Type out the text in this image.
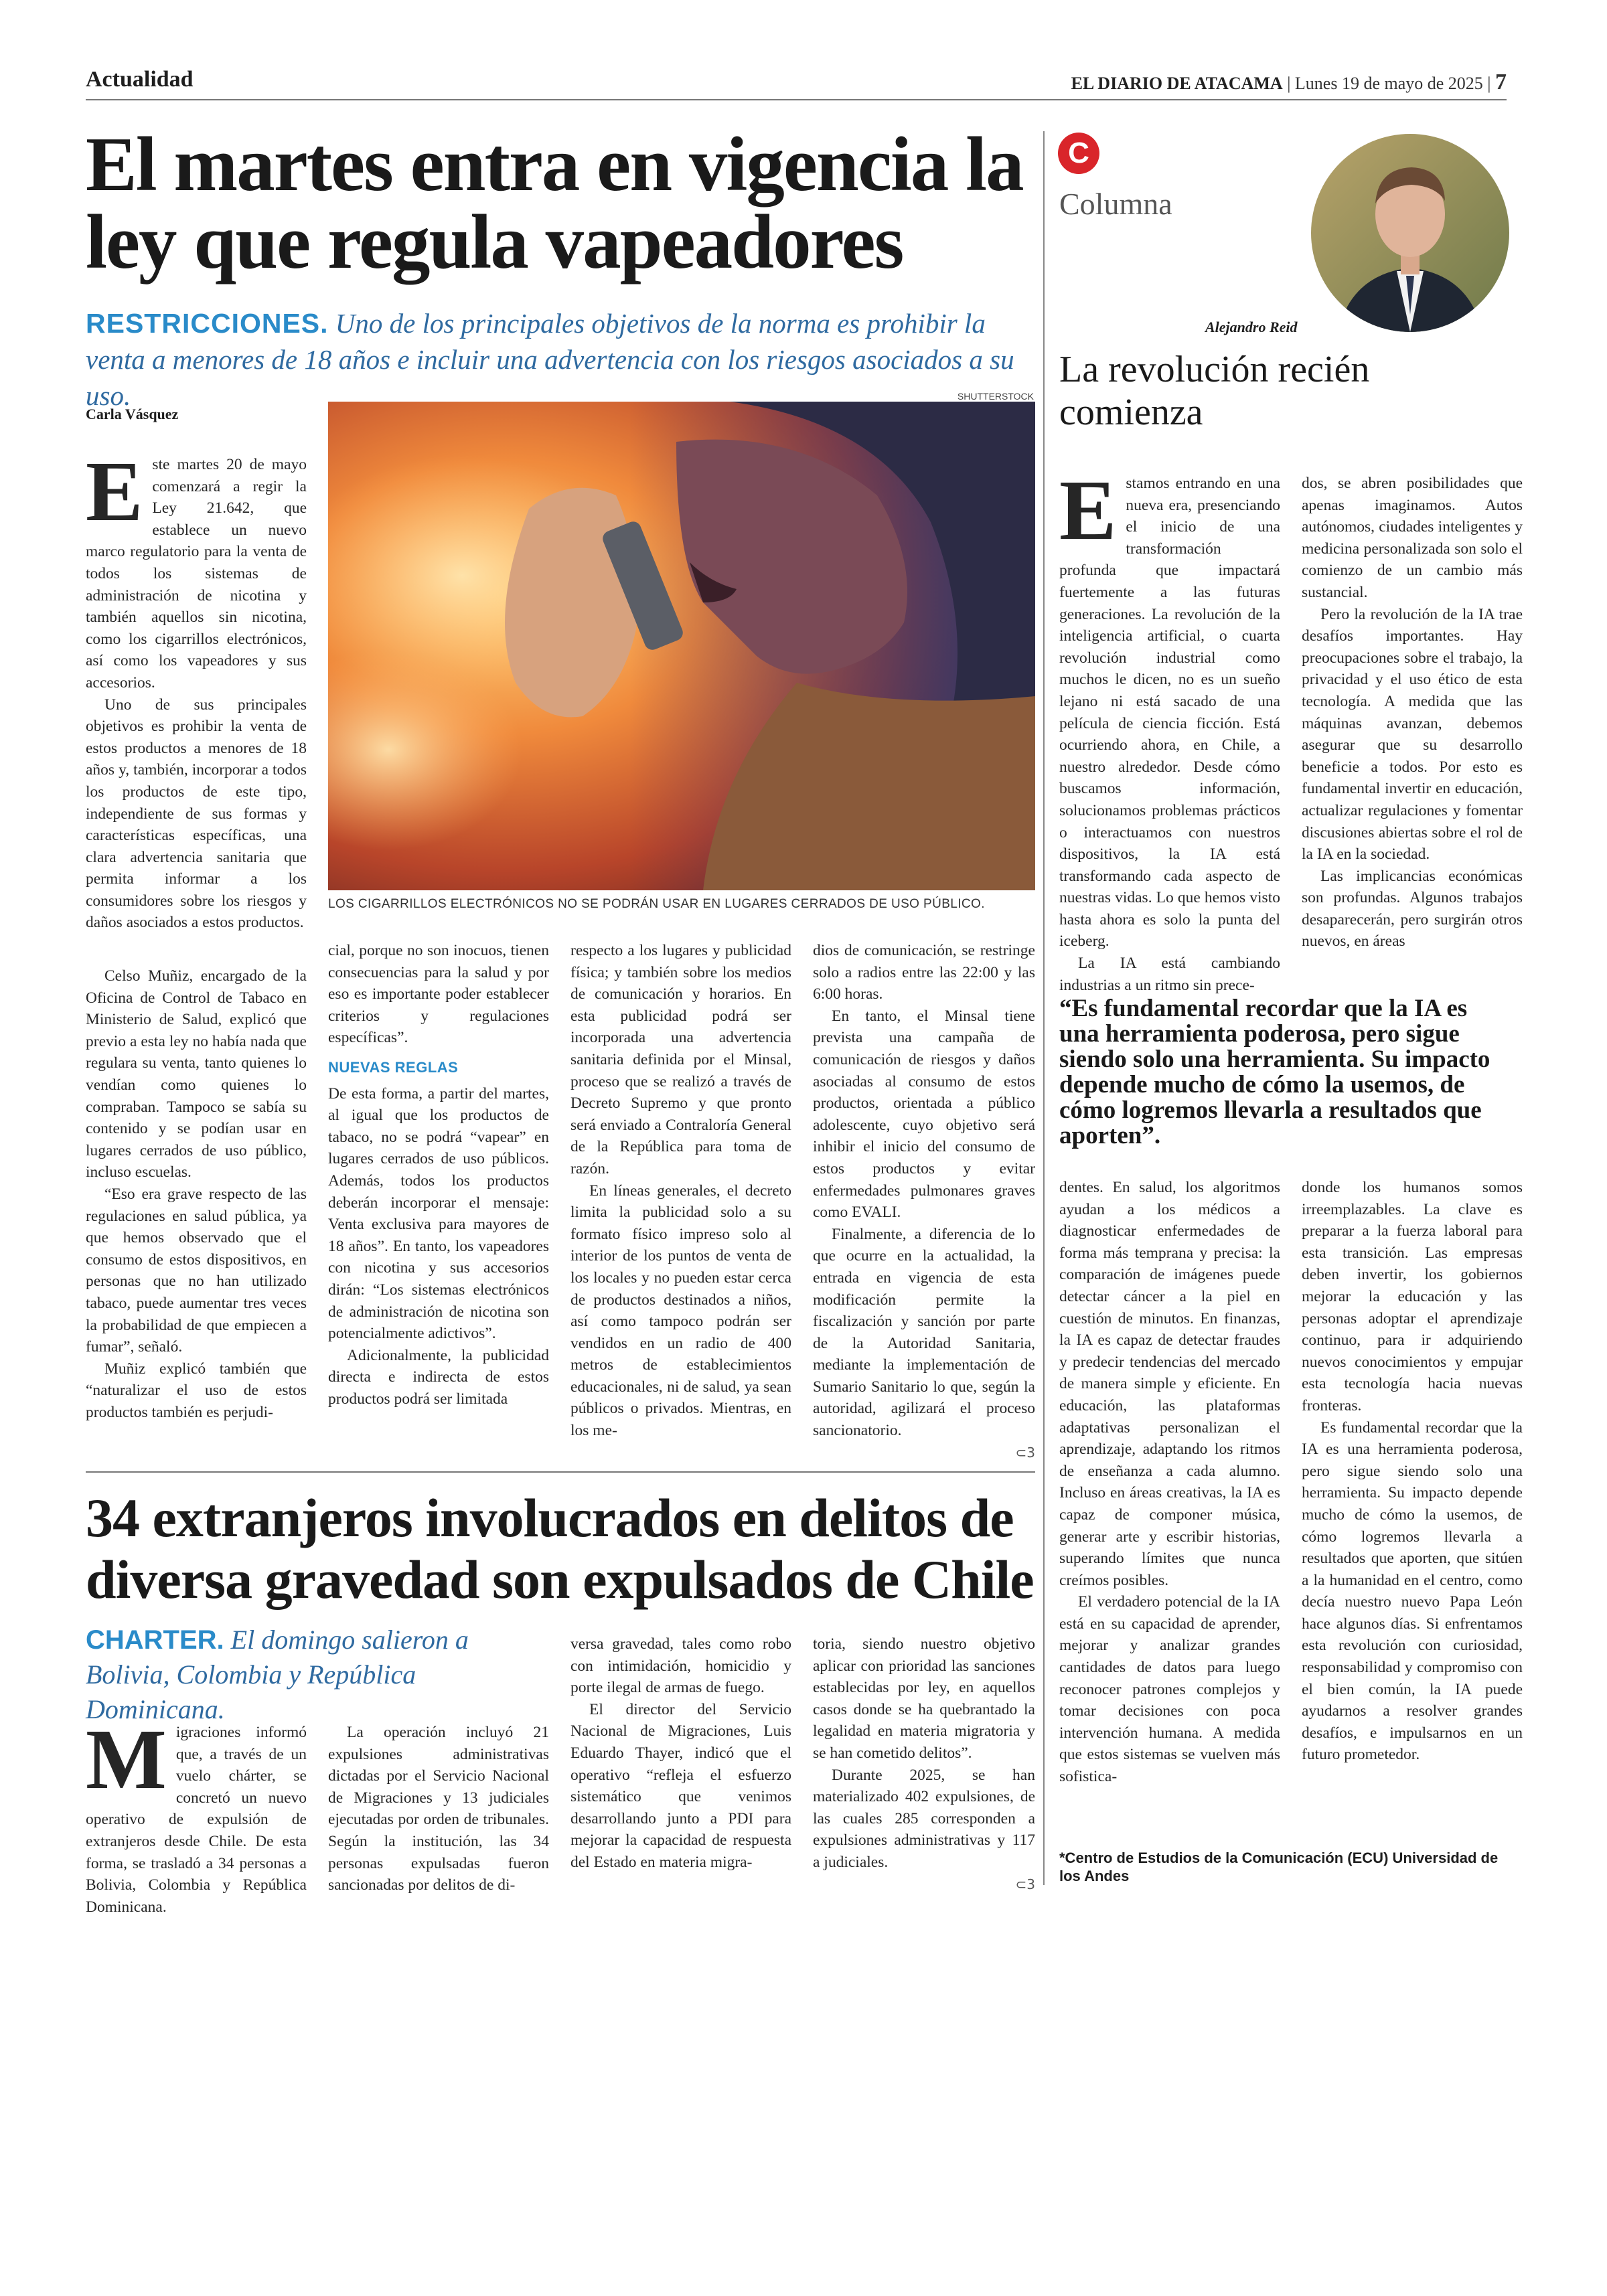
Actualidad	EL DIARIO DE ATACAMA | Lunes 19 de mayo de 2025 | 7
El martes entra en vigencia la ley que regula vapeadores
RESTRICCIONES. Uno de los principales objetivos de la norma es prohibir la venta a menores de 18 años e incluir una advertencia con los riesgos asociados a su uso.
Carla Vásquez
SHUTTERSTOCK
LOS CIGARRILLOS ELECTRÓNICOS NO SE PODRÁN USAR EN LUGARES CERRADOS DE USO PÚBLICO.

Este martes 20 de mayo comenzará a regir la Ley 21.642, que establece un nuevo marco regulatorio para la venta de todos los sistemas de administración de nicotina y también aquellos sin nicotina, como los cigarrillos electrónicos, así como los vapeadores y sus accesorios.

Uno de sus principales objetivos es prohibir la venta de estos productos a menores de 18 años y, también, incorporar a todos los productos de este tipo, independiente de sus formas y características específicas, una clara advertencia sanitaria que permita informar a los consumidores sobre los riesgos y daños asociados a estos productos.

Celso Muñiz, encargado de la Oficina de Control de Tabaco en Ministerio de Salud, explicó que previo a esta ley no había nada que regulara su venta, tanto quienes lo vendían como quienes lo compraban. Tampoco se sabía su contenido y se podían usar en lugares cerrados de uso público, incluso escuelas.

“Eso era grave respecto de las regulaciones en salud pública, ya que hemos observado que el consumo de estos dispositivos, en personas que no han utilizado tabaco, puede aumentar tres veces la probabilidad de que empiecen a fumar”, señaló.

Muñiz explicó también que “naturalizar el uso de estos productos también es perjudi-

cial, porque no son inocuos, tienen consecuencias para la salud y por eso es importante poder establecer criterios y regulaciones específicas”.

NUEVAS REGLAS

De esta forma, a partir del martes, al igual que los productos de tabaco, no se podrá “vapear” en lugares cerrados de uso públicos. Además, todos los productos deberán incorporar el mensaje: Venta exclusiva para mayores de 18 años”. En tanto, los vapeadores con nicotina y sus accesorios dirán: “Los sistemas electrónicos de administración de nicotina son potencialmente adictivos”.

Adicionalmente, la publicidad directa e indirecta de estos productos podrá ser limitada

respecto a los lugares y publicidad física; y también sobre los medios de comunicación y horarios. En esta publicidad podrá ser incorporada una advertencia sanitaria definida por el Minsal, proceso que se realizó a través de Decreto Supremo y que pronto será enviado a Contraloría General de la República para toma de razón.

En líneas generales, el decreto limita la publicidad solo a su formato físico impreso solo al interior de los puntos de venta de los locales y no pueden estar cerca de productos destinados a niños, así como tampoco podrán ser vendidos en un radio de 400 metros de establecimientos educacionales, ni de salud, ya sean públicos o privados. Mientras, en los me-

dios de comunicación, se restringe solo a radios entre las 22:00 y las 6:00 horas.

En tanto, el Minsal tiene prevista una campaña de comunicación de riesgos y daños asociadas al consumo de estos productos, orientada a público adolescente, cuyo objetivo será inhibir el inicio del consumo de estos productos y evitar enfermedades pulmonares graves como EVALI.

Finalmente, a diferencia de lo que ocurre en la actualidad, la entrada en vigencia de esta modificación permite la fiscalización y sanción por parte de la Autoridad Sanitaria, mediante la implementación de Sumario Sanitario lo que, según la autoridad, agilizará el proceso sancionatorio.

⊂3
34 extranjeros involucrados en delitos de diversa gravedad son expulsados de Chile
CHARTER. El domingo salieron a Bolivia, Colombia y República Dominicana.

Migraciones informó que, a través de un vuelo chárter, se concretó un nuevo operativo de expulsión de extranjeros desde Chile. De esta forma, se trasladó a 34 personas a Bolivia, Colombia y República Dominicana.

La operación incluyó 21 expulsiones administrativas dictadas por el Servicio Nacional de Migraciones y 13 judiciales ejecutadas por orden de tribunales. Según la institución, las 34 personas expulsadas fueron sancionadas por delitos de di-

versa gravedad, tales como robo con intimidación, homicidio y porte ilegal de armas de fuego.

El director del Servicio Nacional de Migraciones, Luis Eduardo Thayer, indicó que el operativo “refleja el esfuerzo sistemático que venimos desarrollando junto a PDI para mejorar la capacidad de respuesta del Estado en materia migra-

toria, siendo nuestro objetivo aplicar con prioridad las sanciones establecidas por ley, en aquellos casos donde se ha quebrantado la legalidad en materia migratoria y se han cometido delitos”.

Durante 2025, se han materializado 402 expulsiones, de las cuales 285 corresponden a expulsiones administrativas y 117 a judiciales.

⊂3
C
Columna
Alejandro Reid
La revolución recién comienza

Estamos entrando en una nueva era, presenciando el inicio de una transformación profunda que impactará fuertemente a las futuras generaciones. La revolución de la inteligencia artificial, o cuarta revolución industrial como muchos le dicen, no es un sueño lejano ni está sacado de una película de ciencia ficción. Está ocurriendo ahora, en Chile, a nuestro alrededor. Desde cómo buscamos información, solucionamos problemas prácticos o interactuamos con nuestros dispositivos, la IA está transformando cada aspecto de nuestras vidas. Lo que hemos visto hasta ahora es solo la punta del iceberg.

La IA está cambiando industrias a un ritmo sin prece-

dos, se abren posibilidades que apenas imaginamos. Autos autónomos, ciudades inteligentes y medicina personalizada son solo el comienzo de un cambio más sustancial.

Pero la revolución de la IA trae desafíos importantes. Hay preocupaciones sobre el trabajo, la privacidad y el uso ético de esta tecnología. A medida que las máquinas avanzan, debemos asegurar que su desarrollo beneficie a todos. Por esto es fundamental invertir en educación, actualizar regulaciones y fomentar discusiones abiertas sobre el rol de la IA en la sociedad.

Las implicancias económicas son profundas. Algunos trabajos desaparecerán, pero surgirán otros nuevos, en áreas

“Es fundamental recordar que la IA es una herramienta poderosa, pero sigue siendo solo una herramienta. Su impacto depende mucho de cómo la usemos, de cómo logremos llevarla a resultados que aporten”.

dentes. En salud, los algoritmos ayudan a los médicos a diagnosticar enfermedades de forma más temprana y precisa: la comparación de imágenes puede detectar cáncer a la piel en cuestión de minutos. En finanzas, la IA es capaz de detectar fraudes y predecir tendencias del mercado de manera simple y eficiente. En educación, las plataformas adaptativas personalizan el aprendizaje, adaptando los ritmos de enseñanza a cada alumno. Incluso en áreas creativas, la IA es capaz de componer música, generar arte y escribir historias, superando límites que nunca creímos posibles.

El verdadero potencial de la IA está en su capacidad de aprender, mejorar y analizar grandes cantidades de datos para luego reconocer patrones complejos y tomar decisiones con poca intervención humana. A medida que estos sistemas se vuelven más sofistica-

donde los humanos somos irreemplazables. La clave es preparar a la fuerza laboral para esta transición. Las empresas deben invertir, los gobiernos mejorar la educación y las personas adoptar el aprendizaje continuo, para ir adquiriendo nuevos conocimientos y empujar esta tecnología hacia nuevas fronteras.

Es fundamental recordar que la IA es una herramienta poderosa, pero sigue siendo solo una herramienta. Su impacto depende mucho de cómo la usemos, de cómo logremos llevarla a resultados que aporten, que sitúen a la humanidad en el centro, como decía nuestro nuevo Papa León hace algunos días. Si enfrentamos esta revolución con curiosidad, responsabilidad y compromiso con el bien común, la IA puede ayudarnos a resolver grandes desafíos, e impulsarnos en un futuro prometedor.

*Centro de Estudios de la Comunicación (ECU) Universidad de los Andes
